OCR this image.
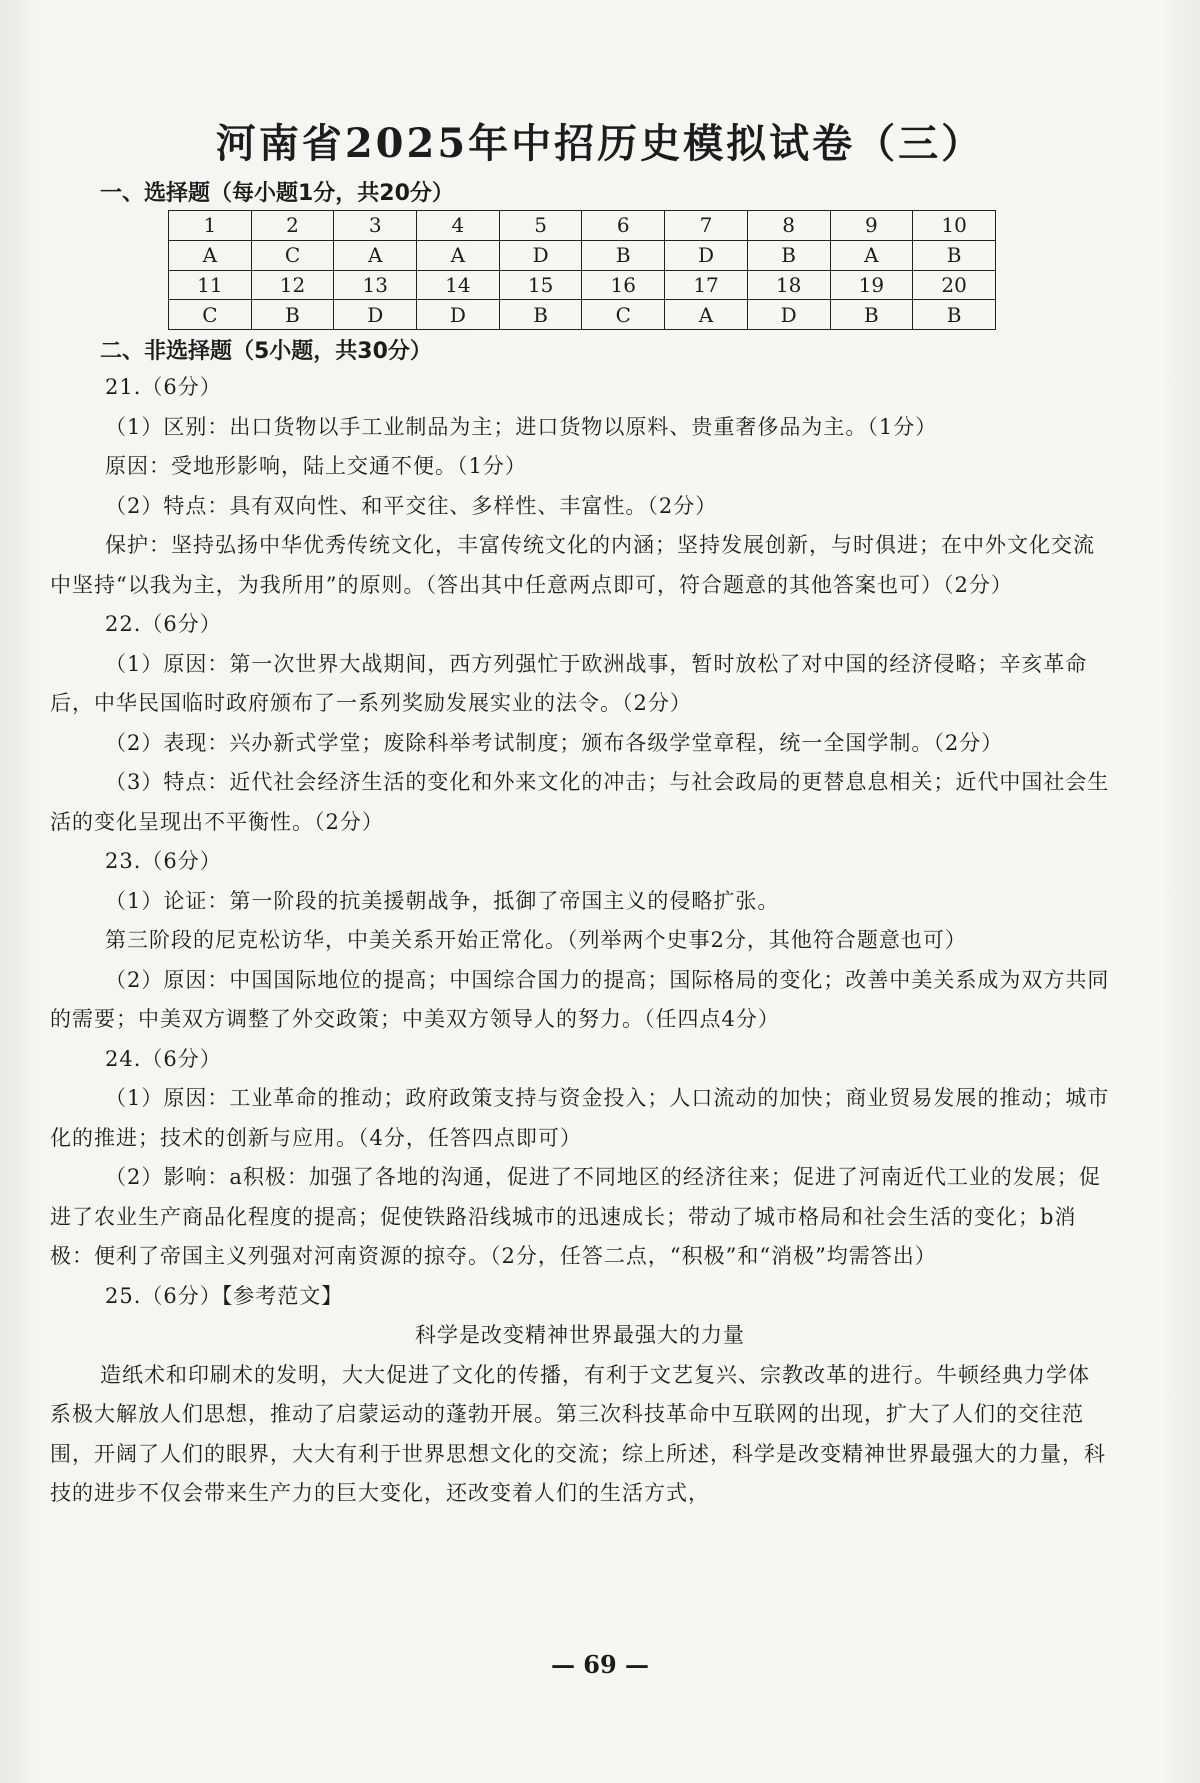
河南省2025年中招历史模拟试卷（三）
一、选择题（每小题1分，共20分）
1	2	3	4	5	6	7	8	9	10
A	C	A	A	D	B	D	B	A	B
11	12	13	14	15	16	17	18	19	20
C	B	D	D	B	C	A	D	B	B
二、非选择题（5小题，共30分）

21.（6分）

（1）区别：出口货物以手工业制品为主；进口货物以原料、贵重奢侈品为主。（1分）

原因：受地形影响，陆上交通不便。（1分）

（2）特点：具有双向性、和平交往、多样性、丰富性。（2分）

保护：坚持弘扬中华优秀传统文化，丰富传统文化的内涵；坚持发展创新，与时俱进；在中外文化交流中坚持“以我为主，为我所用”的原则。（答出其中任意两点即可，符合题意的其他答案也可）（2分）

22.（6分）

（1）原因：第一次世界大战期间，西方列强忙于欧洲战事，暂时放松了对中国的经济侵略；辛亥革命后，中华民国临时政府颁布了一系列奖励发展实业的法令。（2分）

（2）表现：兴办新式学堂；废除科举考试制度；颁布各级学堂章程，统一全国学制。（2分）

（3）特点：近代社会经济生活的变化和外来文化的冲击；与社会政局的更替息息相关；近代中国社会生活的变化呈现出不平衡性。（2分）

23.（6分）

（1）论证：第一阶段的抗美援朝战争，抵御了帝国主义的侵略扩张。

第三阶段的尼克松访华，中美关系开始正常化。（列举两个史事2分，其他符合题意也可）

（2）原因：中国国际地位的提高；中国综合国力的提高；国际格局的变化；改善中美关系成为双方共同的需要；中美双方调整了外交政策；中美双方领导人的努力。（任四点4分）

24.（6分）

（1）原因：工业革命的推动；政府政策支持与资金投入；人口流动的加快；商业贸易发展的推动；城市化的推进；技术的创新与应用。（4分，任答四点即可）

（2）影响：a积极：加强了各地的沟通，促进了不同地区的经济往来；促进了河南近代工业的发展；促进了农业生产商品化程度的提高；促使铁路沿线城市的迅速成长；带动了城市格局和社会生活的变化；b消极：便利了帝国主义列强对河南资源的掠夺。（2分，任答二点，“积极”和“消极”均需答出）

25.（6分）【参考范文】

科学是改变精神世界最强大的力量

造纸术和印刷术的发明，大大促进了文化的传播，有利于文艺复兴、宗教改革的进行。牛顿经典力学体系极大解放人们思想，推动了启蒙运动的蓬勃开展。第三次科技革命中互联网的出现，扩大了人们的交往范围，开阔了人们的眼界，大大有利于世界思想文化的交流；综上所述，科学是改变精神世界最强大的力量，科技的进步不仅会带来生产力的巨大变化，还改变着人们的生活方式，

— 69 —
